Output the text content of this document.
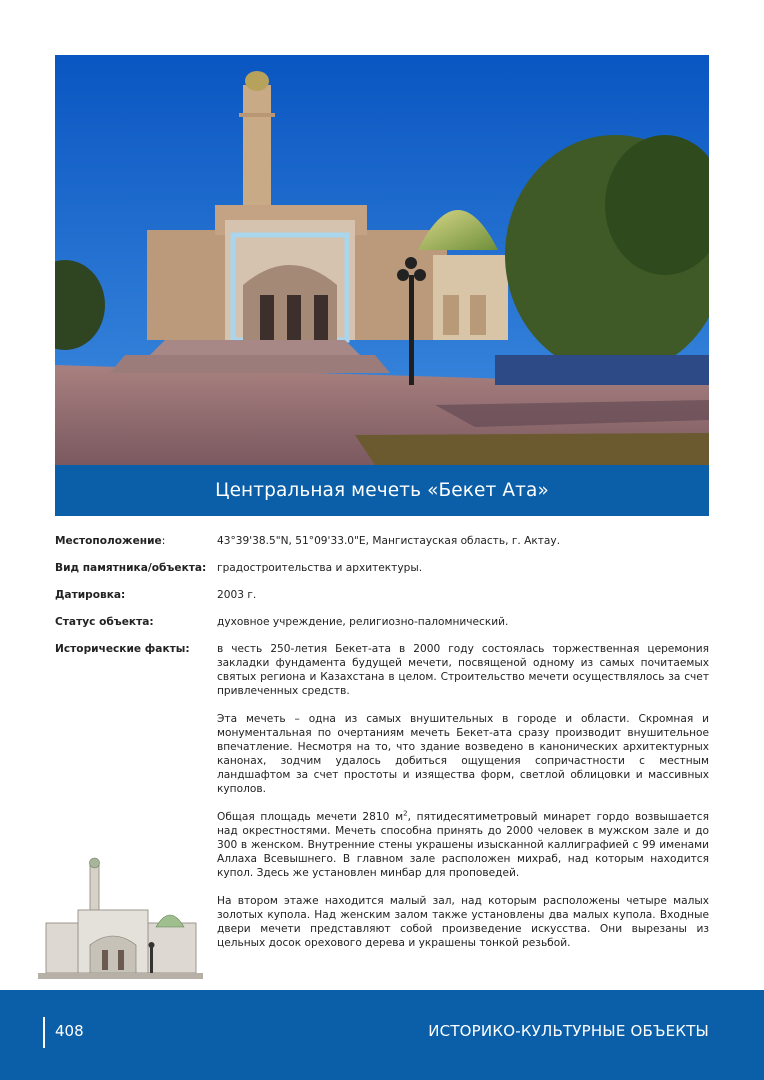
Центральная мечеть «Бекет Ата»
Местоположение:	43°39'38.5"N, 51°09'33.0"E, Мангистауская область, г. Актау.
Вид памятника/объекта:	градостроительства и архитектуры.
Датировка:	2003 г.
Статус объекта:	духовное учреждение, религиозно-паломнический.
Исторические факты:	в честь 250-летия Бекет-ата в 2000 году состоялась торжественная церемония закладки фундамента будущей мечети, посвященой одному из самых почитаемых святых региона и Казахстана в целом. Строительство мечети осуществлялось за счет привлеченных средств.

Эта мечеть – одна из самых внушительных в городе и области. Скромная и монументальная по очертаниям мечеть Бекет-ата сразу производит внушительное впечатление. Несмотря на то, что здание возведено в канонических архитектурных канонах, зодчим удалось добиться ощущения сопричастности с местным ландшафтом за счет простоты и изящества форм, светлой облицовки и массивных куполов.

Общая площадь мечети 2810 $м^2$, пятидесятиметровый минарет гордо возвышается над окрестностями. Мечеть способна принять до 2000 человек в мужском зале и до 300 в женском. Внутренние стены украшены изысканной каллиграфией с 99 именами Аллаха Всевышнего. В главном зале расположен михраб, над которым находится купол. Здесь же установлен минбар для проповедей.

На втором этаже находится малый зал, над которым расположены четыре малых золотых купола. Над женским залом также установлены два малых купола. Входные двери мечети представляют собой произведение искусства. Они вырезаны из цельных досок орехового дерева и украшены тонкой резьбой.

408	ИСТОРИКО-КУЛЬТУРНЫЕ ОБЪЕКТЫ
